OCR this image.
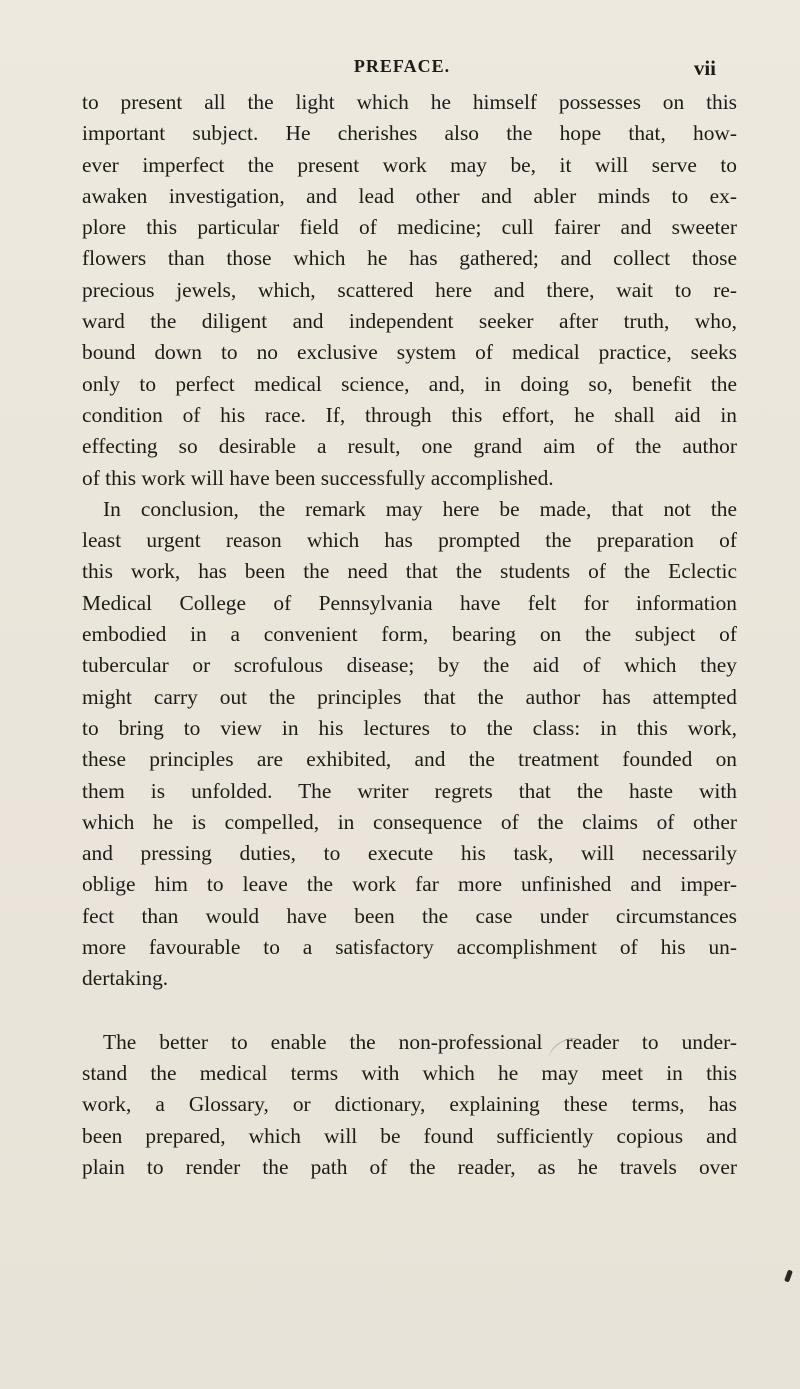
PREFACE.	vii
to present all the light which he himself possesses on this
important subject. He cherishes also the hope that, how-
ever imperfect the present work may be, it will serve to
awaken investigation, and lead other and abler minds to ex-
plore this particular field of medicine; cull fairer and sweeter
flowers than those which he has gathered; and collect those
precious jewels, which, scattered here and there, wait to re-
ward the diligent and independent seeker after truth, who,
bound down to no exclusive system of medical practice, seeks
only to perfect medical science, and, in doing so, benefit the
condition of his race. If, through this effort, he shall aid in
effecting so desirable a result, one grand aim of the author
of this work will have been successfully accomplished.
In conclusion, the remark may here be made, that not the
least urgent reason which has prompted the preparation of
this work, has been the need that the students of the Eclectic
Medical College of Pennsylvania have felt for information
embodied in a convenient form, bearing on the subject of
tubercular or scrofulous disease; by the aid of which they
might carry out the principles that the author has attempted
to bring to view in his lectures to the class: in this work,
these principles are exhibited, and the treatment founded on
them is unfolded. The writer regrets that the haste with
which he is compelled, in consequence of the claims of other
and pressing duties, to execute his task, will necessarily
oblige him to leave the work far more unfinished and imper-
fect than would have been the case under circumstances
more favourable to a satisfactory accomplishment of his un-
dertaking.
The better to enable the non-professional reader to under-
stand the medical terms with which he may meet in this
work, a Glossary, or dictionary, explaining these terms, has
been prepared, which will be found sufficiently copious and
plain to render the path of the reader, as he travels over
